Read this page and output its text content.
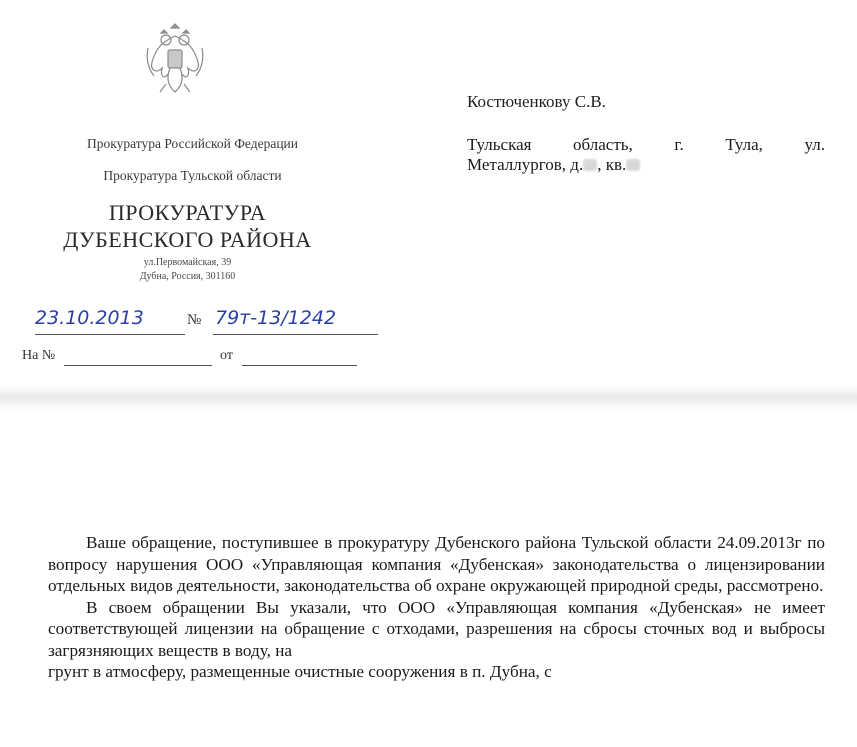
Прокуратура Российской Федерации
Прокуратура Тульской области
ПРОКУРАТУРА
ДУБЕНСКОГО РАЙОНА
ул.Первомайская, 39
Дубна, Россия, 301160
23.10.2013	№ 79т-13/1242
На №	от
Костюченкову С.В.
Тульская область, г. Тула, ул.
Металлургов, д. , кв.

Ваше обращение, поступившее в прокуратуру Дубенского района Тульской области 24.09.2013г по вопросу нарушения ООО «Управляющая компания «Дубенская» законодательства о лицензировании отдельных видов деятельности, законодательства об охране окружающей природной среды, рассмотрено.

В своем обращении Вы указали, что ООО «Управляющая компания «Дубенская» не имеет соответствующей лицензии на обращение с отходами, разрешения на сбросы сточных вод и выбросы загрязняющих веществ в воду, на

грунт в атмосферу, размещенные очистные сооружения в п. Дубна, с
